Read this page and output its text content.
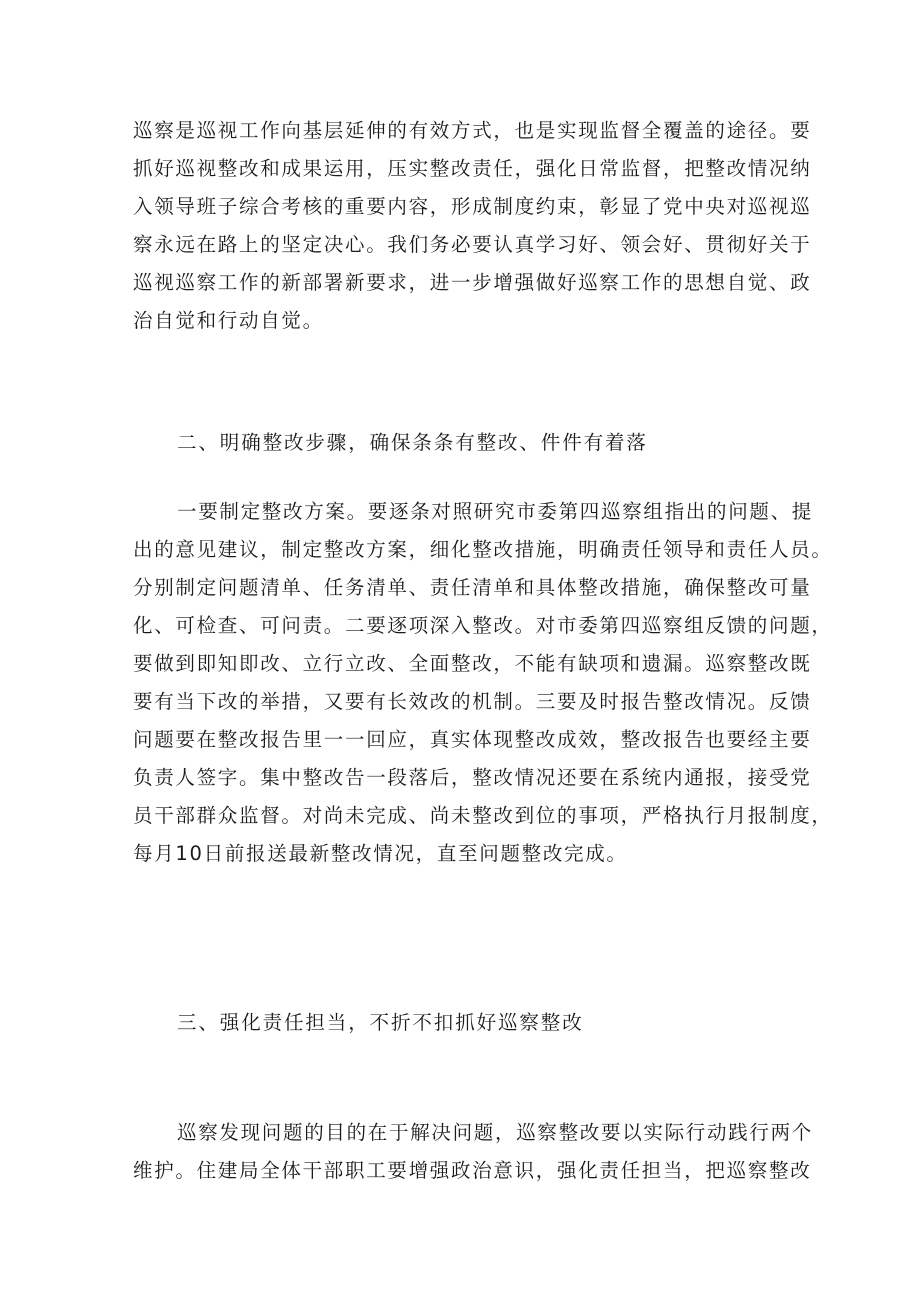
巡察是巡视工作向基层延伸的有效方式，也是实现监督全覆盖的途径。要
抓好巡视整改和成果运用，压实整改责任，强化日常监督，把整改情况纳
入领导班子综合考核的重要内容，形成制度约束，彰显了党中央对巡视巡
察永远在路上的坚定决心。我们务必要认真学习好、领会好、贯彻好关于
巡视巡察工作的新部署新要求，进一步增强做好巡察工作的思想自觉、政
治自觉和行动自觉。
二、明确整改步骤，确保条条有整改、件件有着落
一要制定整改方案。要逐条对照研究市委第四巡察组指出的问题、提
出的意见建议，制定整改方案，细化整改措施，明确责任领导和责任人员。
分别制定问题清单、任务清单、责任清单和具体整改措施，确保整改可量
化、可检查、可问责。二要逐项深入整改。对市委第四巡察组反馈的问题，
要做到即知即改、立行立改、全面整改，不能有缺项和遗漏。巡察整改既
要有当下改的举措，又要有长效改的机制。三要及时报告整改情况。反馈
问题要在整改报告里一一回应，真实体现整改成效，整改报告也要经主要
负责人签字。集中整改告一段落后，整改情况还要在系统内通报，接受党
员干部群众监督。对尚未完成、尚未整改到位的事项，严格执行月报制度，
每月10日前报送最新整改情况，直至问题整改完成。
三、强化责任担当，不折不扣抓好巡察整改
巡察发现问题的目的在于解决问题，巡察整改要以实际行动践行两个
维护。住建局全体干部职工要增强政治意识，强化责任担当，把巡察整改
